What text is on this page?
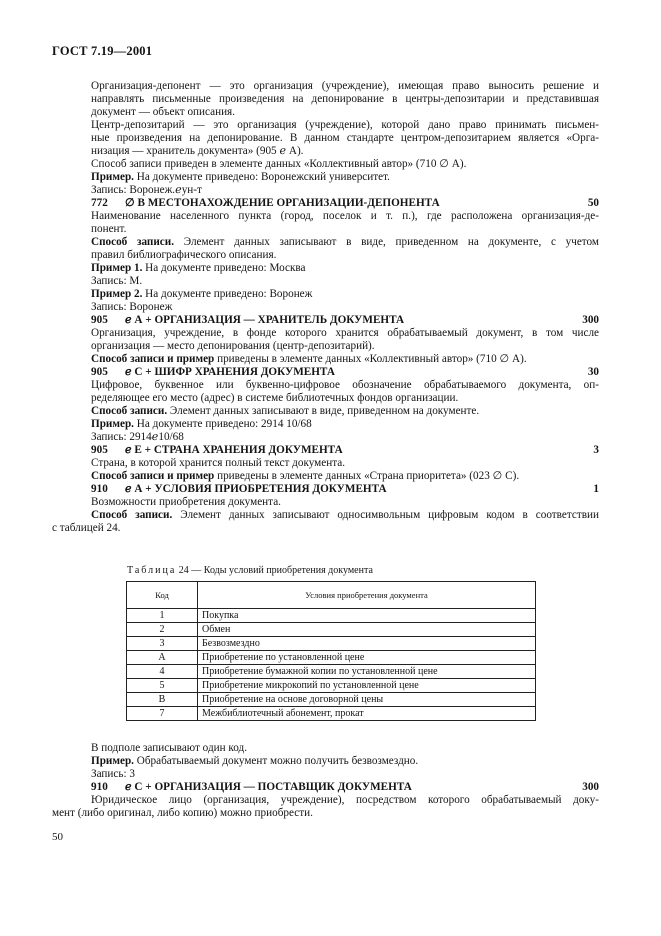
ГОСТ 7.19—2001
Организация-депонент — это организация (учреждение), имеющая право выносить решение и
направлять письменные произведения на депонирование в центры-депозитарии и представившая
документ — объект описания.
Центр-депозитарий — это организация (учреждение), которой дано право принимать письмен-
ные произведения на депонирование. В данном стандарте центром-депозитарием является «Орга-
низация — хранитель документа» (905 ℯ А).
Способ записи приведен в элементе данных «Коллективный автор» (710 ∅ А).
Пример. На документе приведено: Воронежский университет.
Запись: Воронеж.ℯун-т
772 ∅ В МЕСТОНАХОЖДЕНИЕ ОРГАНИЗАЦИИ-ДЕПОНЕНТА	50
Наименование населенного пункта (город, поселок и т. п.), где расположена организация-де-
понент.
Способ записи. Элемент данных записывают в виде, приведенном на документе, с учетом
правил библиографического описания.
Пример 1. На документе приведено: Москва
Запись: М.
Пример 2. На документе приведено: Воронеж
Запись: Воронеж
905 ℯ А + ОРГАНИЗАЦИЯ — ХРАНИТЕЛЬ ДОКУМЕНТА	300
Организация, учреждение, в фонде которого хранится обрабатываемый документ, в том числе
организация — место депонирования (центр-депозитарий).
Способ записи и пример приведены в элементе данных «Коллективный автор» (710 ∅ А).
905 ℯ С + ШИФР ХРАНЕНИЯ ДОКУМЕНТА	30
Цифровое, буквенное или буквенно-цифровое обозначение обрабатываемого документа, оп-
ределяющее его место (адрес) в системе библиотечных фондов организации.
Способ записи. Элемент данных записывают в виде, приведенном на документе.
Пример. На документе приведено: 2914 10/68
Запись: 2914ℯ10/68
905 ℯ Е + СТРАНА ХРАНЕНИЯ ДОКУМЕНТА	3
Страна, в которой хранится полный текст документа.
Способ записи и пример приведены в элементе данных «Страна приоритета» (023 ∅ С).
910 ℯ А + УСЛОВИЯ ПРИОБРЕТЕНИЯ ДОКУМЕНТА	1
Возможности приобретения документа.
Способ записи. Элемент данных записывают односимвольным цифровым кодом в соответствии
с таблицей 24.
Таблица 24 — Коды условий приобретения документа
Код	Условия приобретения документа
1	Покупка
2	Обмен
3	Безвозмездно
A	Приобретение по установленной цене
4	Приобретение бумажной копии по установленной цене
5	Приобретение микрокопий по установленной цене
B	Приобретение на основе договорной цены
7	Межбиблиотечный абонемент, прокат
В подполе записывают один код.
Пример. Обрабатываемый документ можно получить безвозмездно.
Запись: 3
910 ℯ С + ОРГАНИЗАЦИЯ — ПОСТАВЩИК ДОКУМЕНТА	300
Юридическое лицо (организация, учреждение), посредством которого обрабатываемый доку-
мент (либо оригинал, либо копию) можно приобрести.
50
